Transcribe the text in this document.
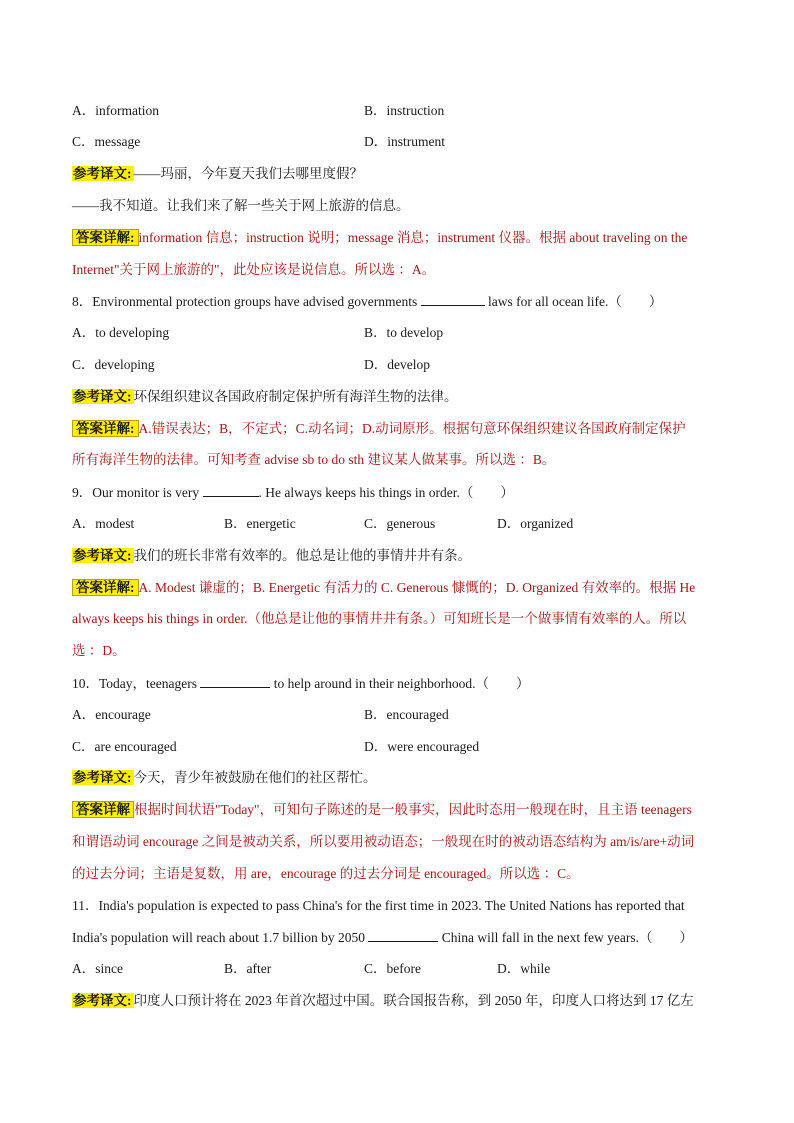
A．information	B．instruction
C．message	D．instrument
参考译文: ——玛丽，今年夏天我们去哪里度假？
——我不知道。让我们来了解一些关于网上旅游的信息。
答案详解: information 信息；instruction 说明；message 消息；instrument 仪器。根据 about traveling on the
Internet"关于网上旅游的"，此处应该是说信息。所以选 ：A。
8．Environmental protection groups have advised governments	laws for all ocean life.（　　）
A．to developing	B．to develop
C．developing	D．develop
参考译文: 环保组织建议各国政府制定保护所有海洋生物的法律。
答案详解: A.错误表达；B，不定式；C.动名词；D.动词原形。根据句意环保组织建议各国政府制定保护
所有海洋生物的法律。可知考查 advise sb to do sth 建议某人做某事。所以选 ：B。
9．Our monitor is very	. He always keeps his things in order.（　　）
A．modest	B．energetic	C．generous	D．organized
参考译文: 我们的班长非常有效率的。他总是让他的事情井井有条。
答案详解: A. Modest 谦虚的；B. Energetic 有活力的 C. Generous 慷慨的；D. Organized 有效率的。根据 He
always keeps his things in order.（他总是让他的事情井井有条。）可知班长是一个做事情有效率的人。所以
选 ：D。
10．Today，teenagers	to help around in their neighborhood.（　　）
A．encourage	B．encouraged
C．are encouraged	D．were encouraged
参考译文: 今天，青少年被鼓励在他们的社区帮忙。
答案详解 根据时间状语"Today"，可知句子陈述的是一般事实，因此时态用一般现在时，且主语 teenagers
和谓语动词 encourage 之间是被动关系，所以要用被动语态；一般现在时的被动语态结构为 am/is/are+动词
的过去分词；主语是复数，用 are，encourage 的过去分词是 encouraged。所以选 ：C。
11．India's population is expected to pass China's for the first time in 2023. The United Nations has reported that
India's population will reach about 1.7 billion by 2050	China will fall in the next few years.（　　）
A．since	B．after	C．before	D．while
参考译文: 印度人口预计将在 2023 年首次超过中国。联合国报告称，到 2050 年，印度人口将达到 17 亿左
